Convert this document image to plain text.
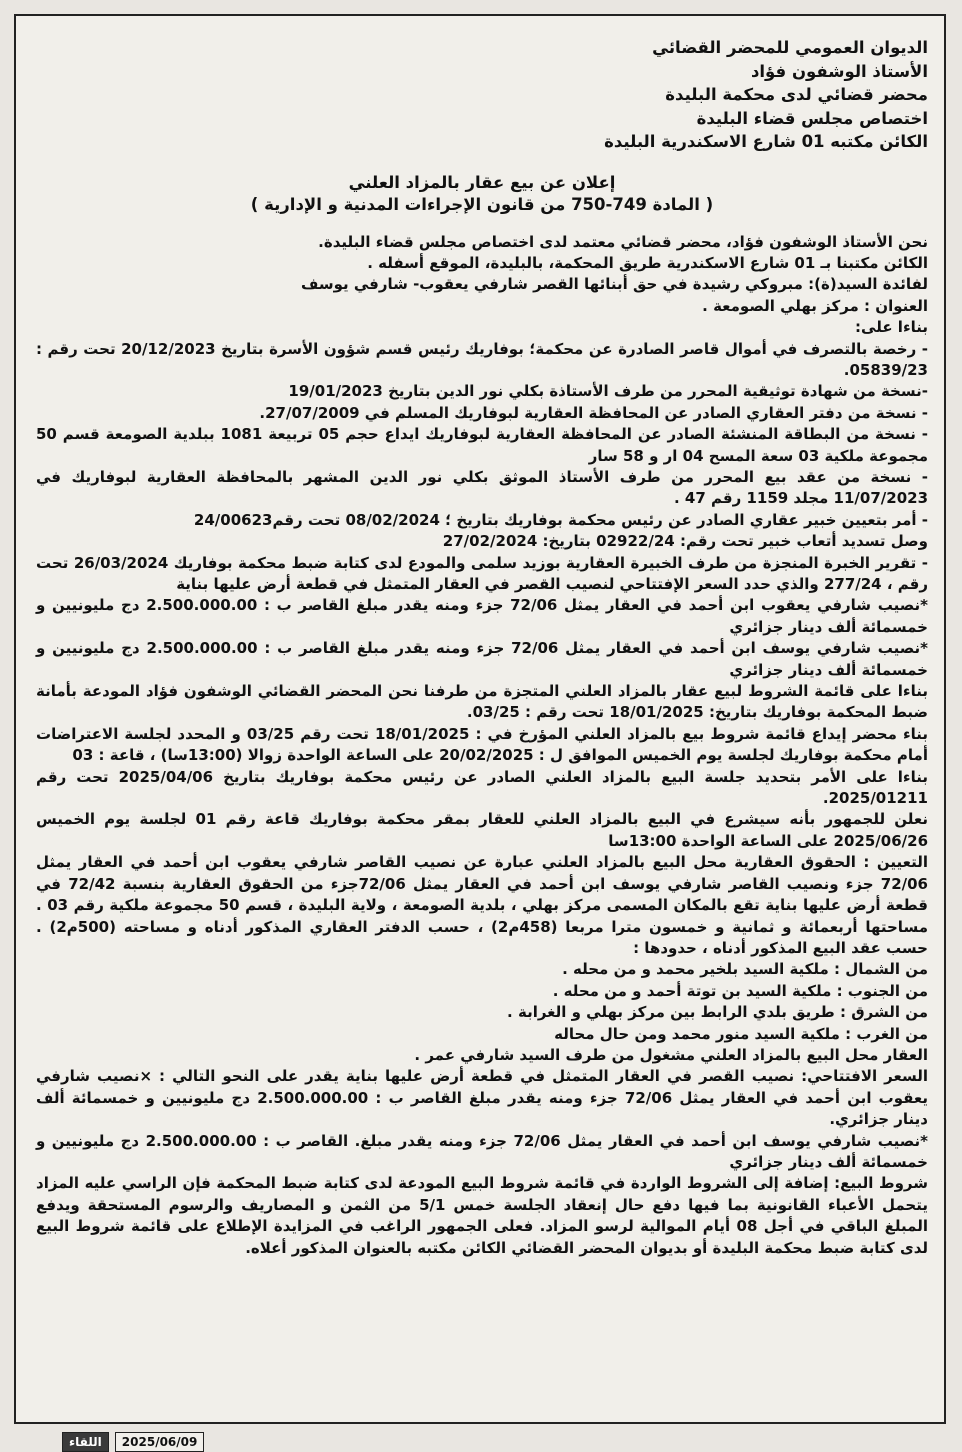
الديوان العمومي للمحضر القضائي

الأستاذ الوشفون فؤاد

محضر قضائي لدى محكمة البليدة

اختصاص مجلس قضاء البليدة

الكائن مكتبه 01 شارع الاسكندرية البليدة

إعلان عن بيع عقار بالمزاد العلني

( المادة 749-750 من قانون الإجراءات المدنية و الإدارية )

نحن الأستاذ الوشفون فؤاد، محضر قضائي معتمد لدى اختصاص مجلس قضاء البليدة.

الكائن مكتبنا بـ 01 شارع الاسكندرية طريق المحكمة، بالبليدة، الموقع أسفله .

لفائدة السيد(ة): مبروكي رشيدة في حق أبنائها القصر شارفي يعقوب- شارفي يوسف

العنوان : مركز بهلي الصومعة .

بناءا على:

- رخصة بالتصرف في أموال قاصر الصادرة عن محكمة؛ بوفاريك رئيس قسم شؤون الأسرة بتاريخ 20/12/2023 تحت رقم : 05839/23.

-نسخة من شهادة توثيقية المحرر من طرف الأستاذة بكلي نور الدين بتاريخ 19/01/2023

- نسخة من دفتر العقاري الصادر عن المحافظة العقارية لبوفاريك المسلم في 27/07/2009.

- نسخة من البطاقة المنشئة الصادر عن المحافظة العقارية لبوفاريك ايداع حجم 05 تربيعة 1081 ببلدية الصومعة قسم 50 مجموعة ملكية 03 سعة المسح 04 ار و 58 سار

- نسخة من عقد بيع المحرر من طرف الأستاذ الموثق بكلي نور الدين المشهر بالمحافظة العقارية لبوفاريك في 11/07/2023 مجلد 1159 رقم 47 .

- أمر بتعيين خبير عقاري الصادر عن رئيس محكمة بوفاريك بتاريخ ؛ 08/02/2024 تحت رقم24/00623

وصل تسديد أتعاب خبير تحت رقم: 02922/24 بتاريخ: 27/02/2024

- تقرير الخبرة المنجزة من طرف الخبيرة العقارية بوزيد سلمى والمودع لدى كتابة ضبط محكمة بوفاريك 26/03/2024 تحت رقم ، 277/24 والذي حدد السعر الإفتتاحي لنصيب القصر في العقار المتمثل في قطعة أرض عليها بناية

*نصيب شارفي يعقوب ابن أحمد في العقار يمثل 72/06 جزء ومنه يقدر مبلغ القاصر ب : 2.500.000.00 دج مليونيين و خمسمائة ألف دينار جزائري

*نصيب شارفي يوسف ابن أحمد في العقار يمثل 72/06 جزء ومنه يقدر مبلغ القاصر ب : 2.500.000.00 دج مليونيين و خمسمائة ألف دينار جزائري

بناءا على قائمة الشروط لبيع عقار بالمزاد العلني المتجزة من طرفنا نحن المحضر القضائي الوشفون فؤاد المودعة بأمانة ضبط المحكمة بوفاريك بتاريخ: 18/01/2025 تحت رقم : 03/25.

بناء محضر إيداع قائمة شروط بيع بالمزاد العلني المؤرخ في : 18/01/2025 تحت رقم 03/25 و المحدد لجلسة الاعتراضات أمام محكمة بوفاريك لجلسة يوم الخميس الموافق ل : 20/02/2025 على الساعة الواحدة زوالا (13:00سا) ، قاعة : 03

بناءا على الأمر بتحديد جلسة البيع بالمزاد العلني الصادر عن رئيس محكمة بوفاريك بتاريخ 2025/04/06 تحت رقم 2025/01211.

نعلن للجمهور بأنه سيشرع في البيع بالمزاد العلني للعقار بمقر محكمة بوفاريك قاعة رقم 01 لجلسة يوم الخميس 2025/06/26 على الساعة الواحدة 13:00سا

التعيين : الحقوق العقارية محل البيع بالمزاد العلني عبارة عن نصيب القاصر شارفي يعقوب ابن أحمد في العقار يمثل 72/06 جزء ونصيب القاصر شارفي يوسف ابن أحمد في العقار يمثل 72/06جزء من الحقوق العقارية بنسبة 72/42 في قطعة أرض عليها بناية تقع بالمكان المسمى مركز بهلي ، بلدية الصومعة ، ولاية البليدة ، قسم 50 مجموعة ملكية رقم 03 . مساحتها أربعمائة و ثمانية و خمسون مترا مربعا (458م2) ، حسب الدفتر العقاري المذكور أدناه و مساحته (500م2) . حسب عقد البيع المذكور أدناه ، حدودها :

من الشمال : ملكية السيد بلخير محمد و من محله .

من الجنوب : ملكية السيد بن توتة أحمد و من محله .

من الشرق : طريق بلدي الرابط بين مركز بهلي و الغرابة .

من الغرب : ملكية السيد منور محمد ومن حال محاله

العقار محل البيع بالمزاد العلني مشغول من طرف السيد شارفي عمر .

السعر الافتتاحي: نصيب القصر في العقار المتمثل في قطعة أرض عليها بناية يقدر على النحو التالي : ×نصيب شارفي يعقوب ابن أحمد في العقار يمثل 72/06 جزء ومنه يقدر مبلغ القاصر ب : 2.500.000.00 دج مليونيين و خمسمائة ألف دينار جزائري.

*نصيب شارفي يوسف ابن أحمد في العقار يمثل 72/06 جزء ومنه يقدر مبلغ. القاصر ب : 2.500.000.00 دج مليونيين و خمسمائة ألف دينار جزائري

شروط البيع: إضافة إلى الشروط الواردة في قائمة شروط البيع المودعة لدى كتابة ضبط المحكمة فإن الراسي عليه المزاد يتحمل الأعباء القانونية بما فيها دفع حال إنعقاد الجلسة خمس 5/1 من الثمن و المصاريف والرسوم المستحقة ويدفع المبلغ الباقي في أجل 08 أيام الموالية لرسو المزاد. فعلى الجمهور الراغب في المزايدة الإطلاع على قائمة شروط البيع لدى كتابة ضبط محكمة البليدة أو بديوان المحضر القضائي الكائن مكتبه بالعنوان المذكور أعلاه.

اللقاء	2025/06/09
